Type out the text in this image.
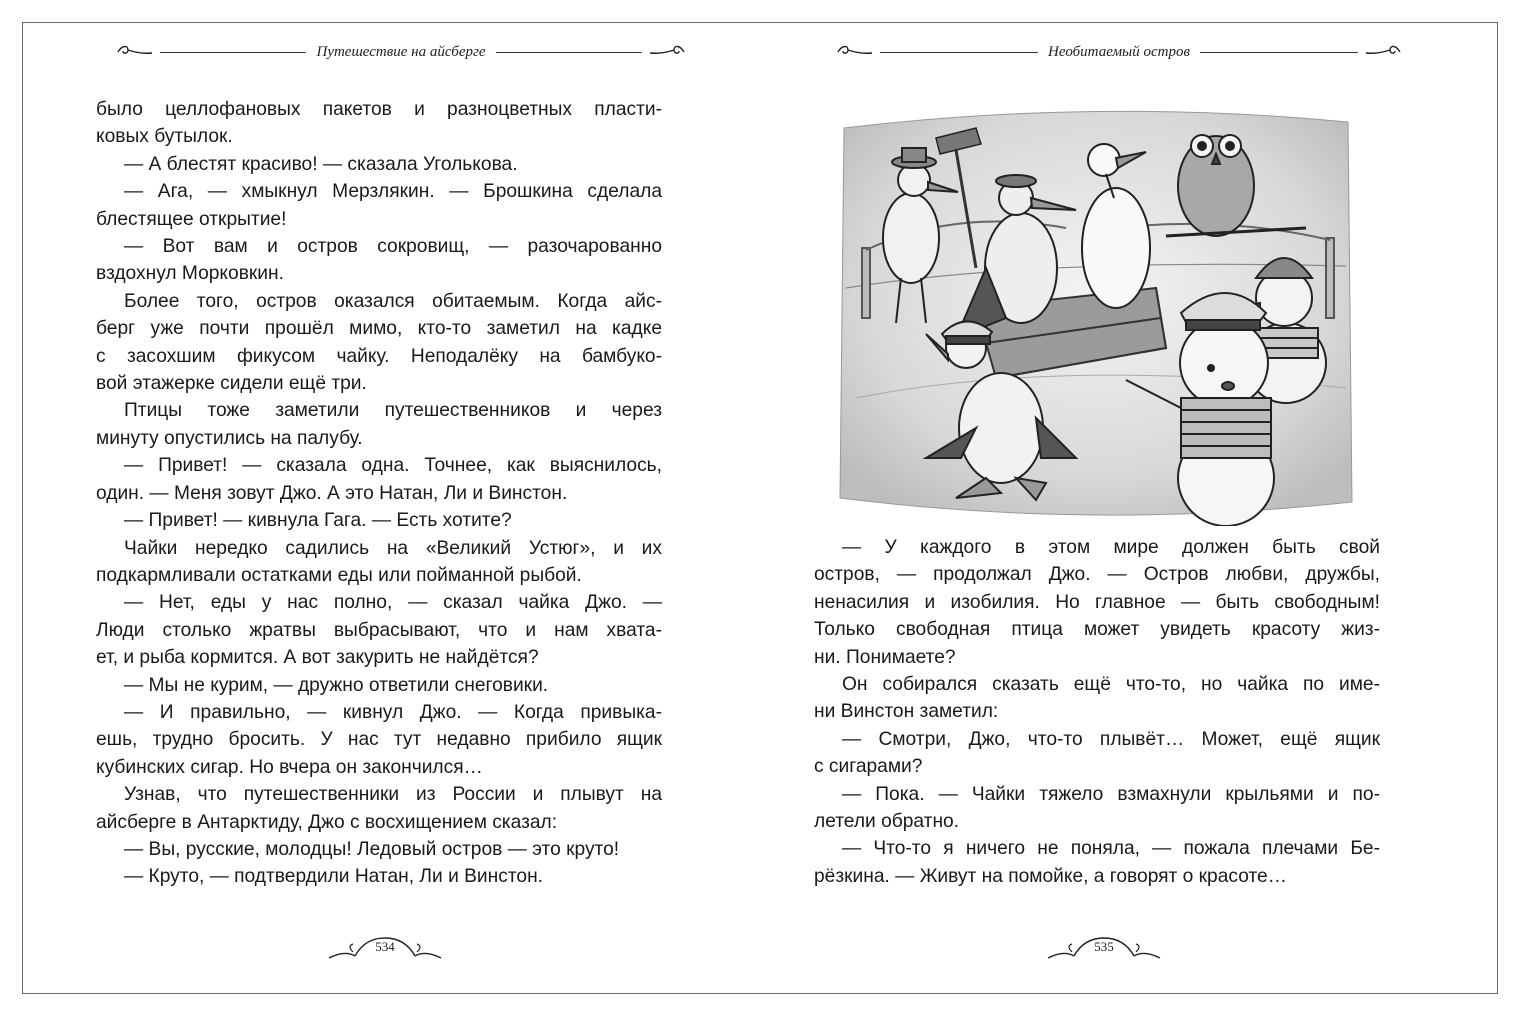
Путешествие на айсберге	Необитаемый остров

было целлофановых пакетов и разноцветных пласти-

ковых бутылок.

— А блестят красиво! — сказала Уголькова.

— Ага, — хмыкнул Мерзлякин. — Брошкина сделала

блестящее открытие!

— Вот вам и остров сокровищ, — разочарованно

вздохнул Морковкин.

Более того, остров оказался обитаемым. Когда айс-

берг уже почти прошёл мимо, кто-то заметил на кадке

с засохшим фикусом чайку. Неподалёку на бамбуко-

вой этажерке сидели ещё три.

Птицы тоже заметили путешественников и через

минуту опустились на палубу.

— Привет! — сказала одна. Точнее, как выяснилось,

один. — Меня зовут Джо. А это Натан, Ли и Винстон.

— Привет! — кивнула Гага. — Есть хотите?

Чайки нередко садились на «Великий Устюг», и их

подкармливали остатками еды или пойманной рыбой.

— Нет, еды у нас полно, — сказал чайка Джо. —

Люди столько жратвы выбрасывают, что и нам хвата-

ет, и рыба кормится. А вот закурить не найдётся?

— Мы не курим, — дружно ответили снеговики.

— И правильно, — кивнул Джо. — Когда привыка-

ешь, трудно бросить. У нас тут недавно прибило ящик

кубинских сигар. Но вчера он закончился…

Узнав, что путешественники из России и плывут на

айсберге в Антарктиду, Джо с восхищением сказал:

— Вы, русские, молодцы! Ледовый остров — это круто!

— Круто, — подтвердили Натан, Ли и Винстон.

— У каждого в этом мире должен быть свой

остров, — продолжал Джо. — Остров любви, дружбы,

ненасилия и изобилия. Но главное — быть свободным!

Только свободная птица может увидеть красоту жиз-

ни. Понимаете?

Он собирался сказать ещё что-то, но чайка по име-

ни Винстон заметил:

— Смотри, Джо, что-то плывёт… Может, ещё ящик

с сигарами?

— Пока. — Чайки тяжело взмахнули крыльями и по-

летели обратно.

— Что-то я ничего не поняла, — пожала плечами Бе-

рёзкина. — Живут на помойке, а говорят о красоте…

534	535
